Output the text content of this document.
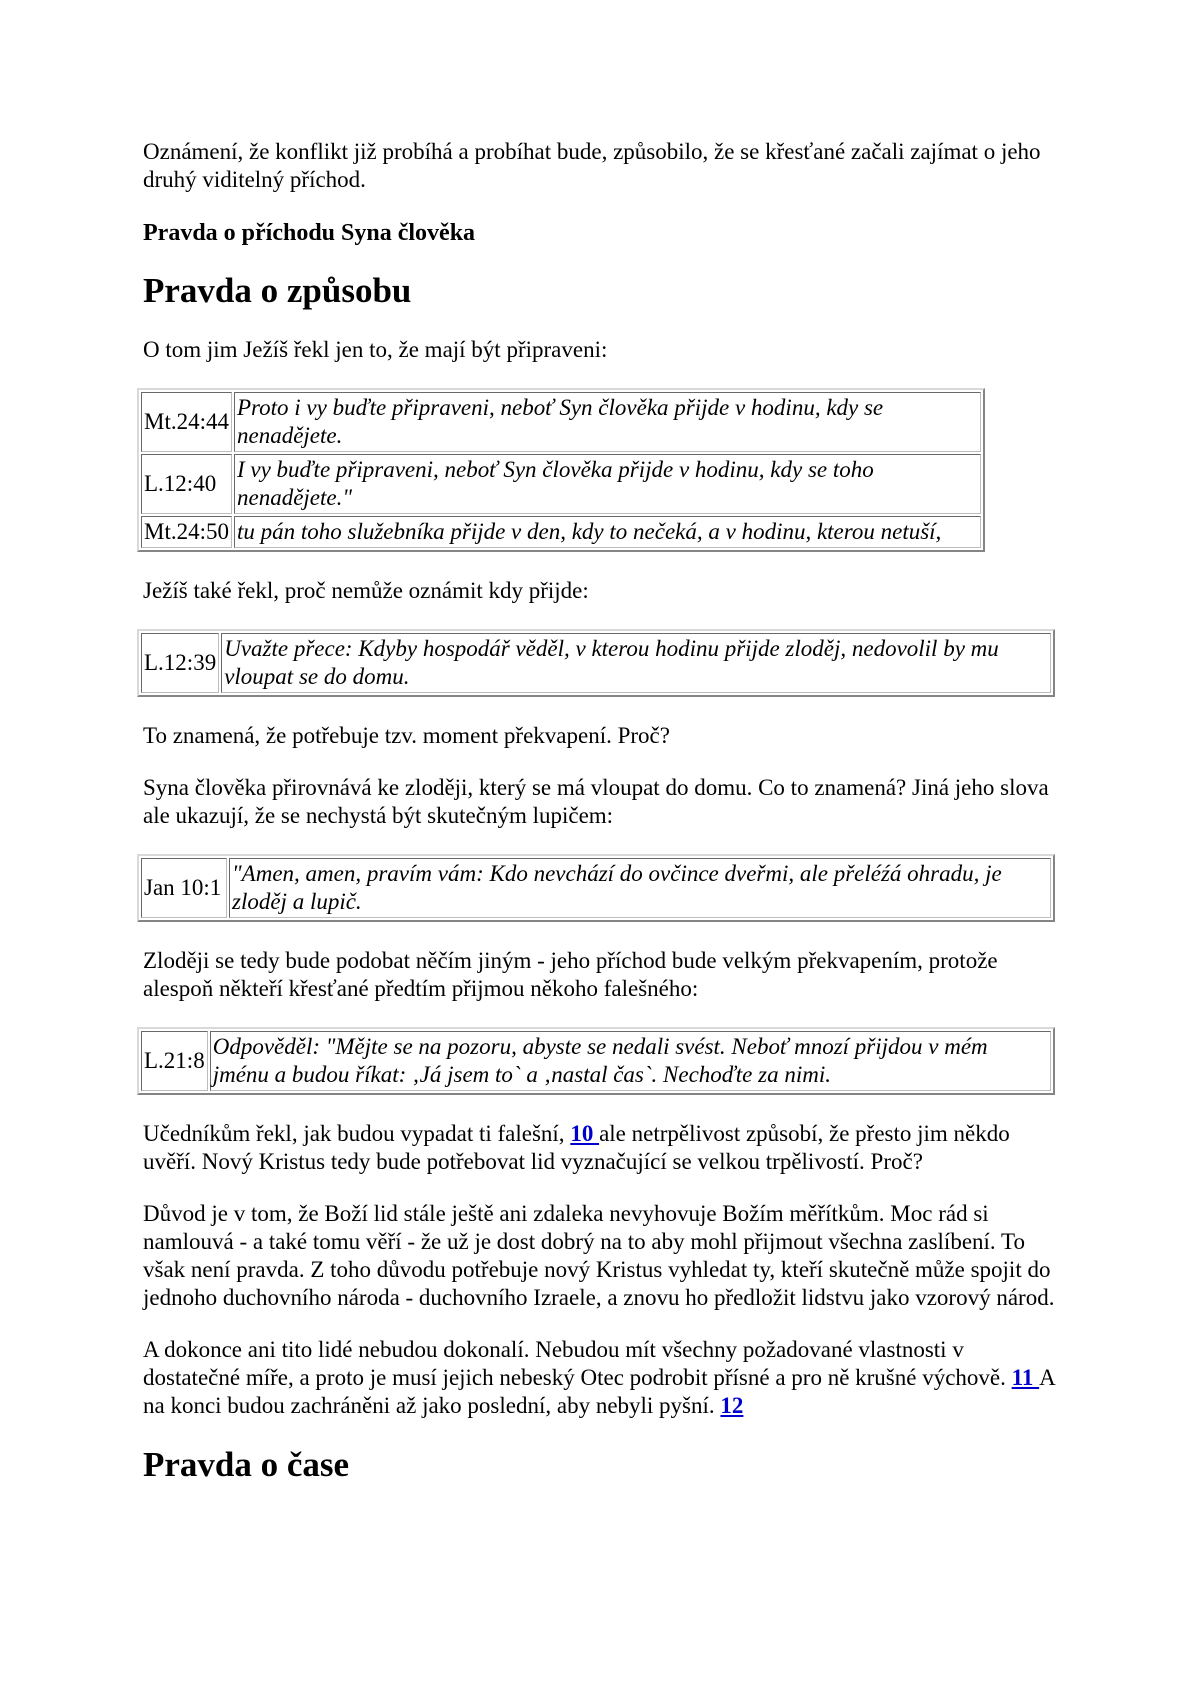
Oznámení, že konflikt již probíhá a probíhat bude, způsobilo, že se křesťané začali zajímat o jeho druhý viditelný příchod.

Pravda o příchodu Syna člověka

Pravda o způsobu

O tom jim Ježíš řekl jen to, že mají být připraveni:

Mt.24:44	Proto i vy buďte připraveni, neboť Syn člověka přijde v hodinu, kdy se nenadějete.
L.12:40	I vy buďte připraveni, neboť Syn člověka přijde v hodinu, kdy se toho nenadějete."
Mt.24:50	tu pán toho služebníka přijde v den, kdy to nečeká, a v hodinu, kterou netuší,

Ježíš také řekl, proč nemůže oznámit kdy přijde:

L.12:39	Uvažte přece: Kdyby hospodář věděl, v kterou hodinu přijde zloděj, nedovolil by mu vloupat se do domu.

To znamená, že potřebuje tzv. moment překvapení. Proč?

Syna člověka přirovnává ke zloději, který se má vloupat do domu. Co to znamená? Jiná jeho slova ale ukazují, že se nechystá být skutečným lupičem:

Jan 10:1	"Amen, amen, pravím vám: Kdo nevchází do ovčince dveřmi, ale přeléźá ohradu, je zloděj a lupič.

Zloději se tedy bude podobat něčím jiným - jeho příchod bude velkým překvapením, protože alespoň někteří křesťané předtím přijmou někoho falešného:

L.21:8	Odpověděl: "Mějte se na pozoru, abyste se nedali svést. Neboť mnozí přijdou v mém jménu a budou říkat: ‚Já jsem to` a ‚nastal čas`. Nechoďte za nimi.

Učedníkům řekl, jak budou vypadat ti falešní, 10 ale netrpělivost způsobí, že přesto jim někdo uvěří. Nový Kristus tedy bude potřebovat lid vyznačující se velkou trpělivostí. Proč?

Důvod je v tom, že Boží lid stále ještě ani zdaleka nevyhovuje Božím měřítkům. Moc rád si namlouvá - a také tomu věří - že už je dost dobrý na to aby mohl přijmout všechna zaslíbení. To však není pravda. Z toho důvodu potřebuje nový Kristus vyhledat ty, kteří skutečně může spojit do jednoho duchovního národa - duchovního Izraele, a znovu ho předložit lidstvu jako vzorový národ.

A dokonce ani tito lidé nebudou dokonalí. Nebudou mít všechny požadované vlastnosti v dostatečné míře, a proto je musí jejich nebeský Otec podrobit přísné a pro ně krušné výchově. 11 A na konci budou zachráněni až jako poslední, aby nebyli pyšní. 12

Pravda o čase
